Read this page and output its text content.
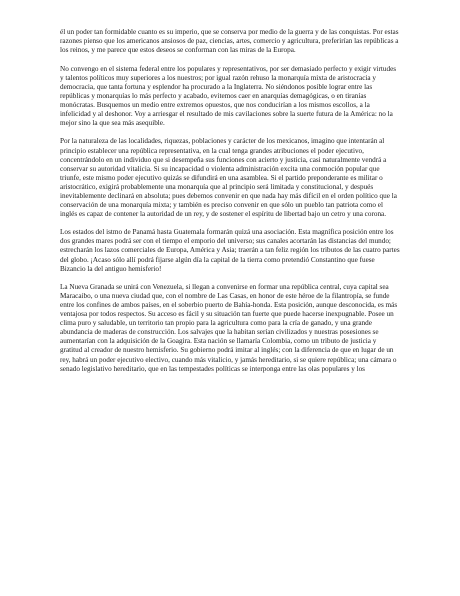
él un poder tan formidable cuanto es su imperio, que se conserva por medio de la guerra y de las conquistas. Por estas razones pienso que los americanos ansiosos de paz, ciencias, artes, comercio y agricultura, preferirían las repúblicas a los reinos, y me parece que estos deseos se conforman con las miras de la Europa.

No convengo en el sistema federal entre los populares y representativos, por ser demasiado perfecto y exigir virtudes y talentos políticos muy superiores a los nuestros; por igual razón rehuso la monarquía mixta de aristocracia y democracia, que tanta fortuna y esplendor ha procurado a la Inglaterra. No siéndonos posible lograr entre las repúblicas y monarquías lo más perfecto y acabado, evitemos caer en anarquías demagógicas, o en tiranías monócratas. Busquemos un medio entre extremos opuestos, que nos conducirían a los mismos escollos, a la infelicidad y al deshonor. Voy a arriesgar el resultado de mis cavilaciones sobre la suerte futura de la América: no la mejor sino la que sea más asequible.

Por la naturaleza de las localidades, riquezas, poblaciones y carácter de los mexicanos, imagino que intentarán al principio establecer una república representativa, en la cual tenga grandes atribuciones el poder ejecutivo, concentrándolo en un individuo que si desempeña sus funciones con acierto y justicia, casi naturalmente vendrá a conservar su autoridad vitalicia. Si su incapacidad o violenta administración excita una conmoción popular que triunfe, este mismo poder ejecutivo quizás se difundirá en una asamblea. Si el partido preponderante es militar o aristocrático, exigirá probablemente una monarquía que al principio será limitada y constitucional, y después inevitablemente declinará en absoluta; pues debemos convenir en que nada hay más difícil en el orden político que la conservación de una monarquía mixta; y también es preciso convenir en que sólo un pueblo tan patriota como el inglés es capaz de contener la autoridad de un rey, y de sostener el espíritu de libertad bajo un cetro y una corona.

Los estados del istmo de Panamá hasta Guatemala formarán quizá una asociación. Esta magnífica posición entre los dos grandes mares podrá ser con el tiempo el emporio del universo; sus canales acortarán las distancias del mundo; estrecharán los lazos comerciales de Europa, América y Asia; traerán a tan feliz región los tributos de las cuatro partes del globo. ¡Acaso sólo allí podrá fijarse algún día la capital de la tierra como pretendió Constantino que fuese Bizancio la del antiguo hemisferio!

La Nueva Granada se unirá con Venezuela, si llegan a convenirse en formar una república central, cuya capital sea Maracaibo, o una nueva ciudad que, con el nombre de Las Casas, en honor de este héroe de la filantropía, se funde entre los confines de ambos países, en el soberbio puerto de Bahía-honda. Esta posición, aunque desconocida, es más ventajosa por todos respectos. Su acceso es fácil y su situación tan fuerte que puede hacerse inexpugnable. Posee un clima puro y saludable, un territorio tan propio para la agricultura como para la cría de ganado, y una grande abundancia de maderas de construcción. Los salvajes que la habitan serían civilizados y nuestras posesiones se aumentarían con la adquisición de la Goagira. Esta nación se llamaría Colombia, como un tributo de justicia y gratitud al creador de nuestro hemisferio. Su gobierno podrá imitar al inglés; con la diferencia de que en lugar de un rey, habrá un poder ejecutivo electivo, cuando más vitalicio, y jamás hereditario, si se quiere república; una cámara o senado legislativo hereditario, que en las tempestades políticas se interponga entre las olas populares y los
